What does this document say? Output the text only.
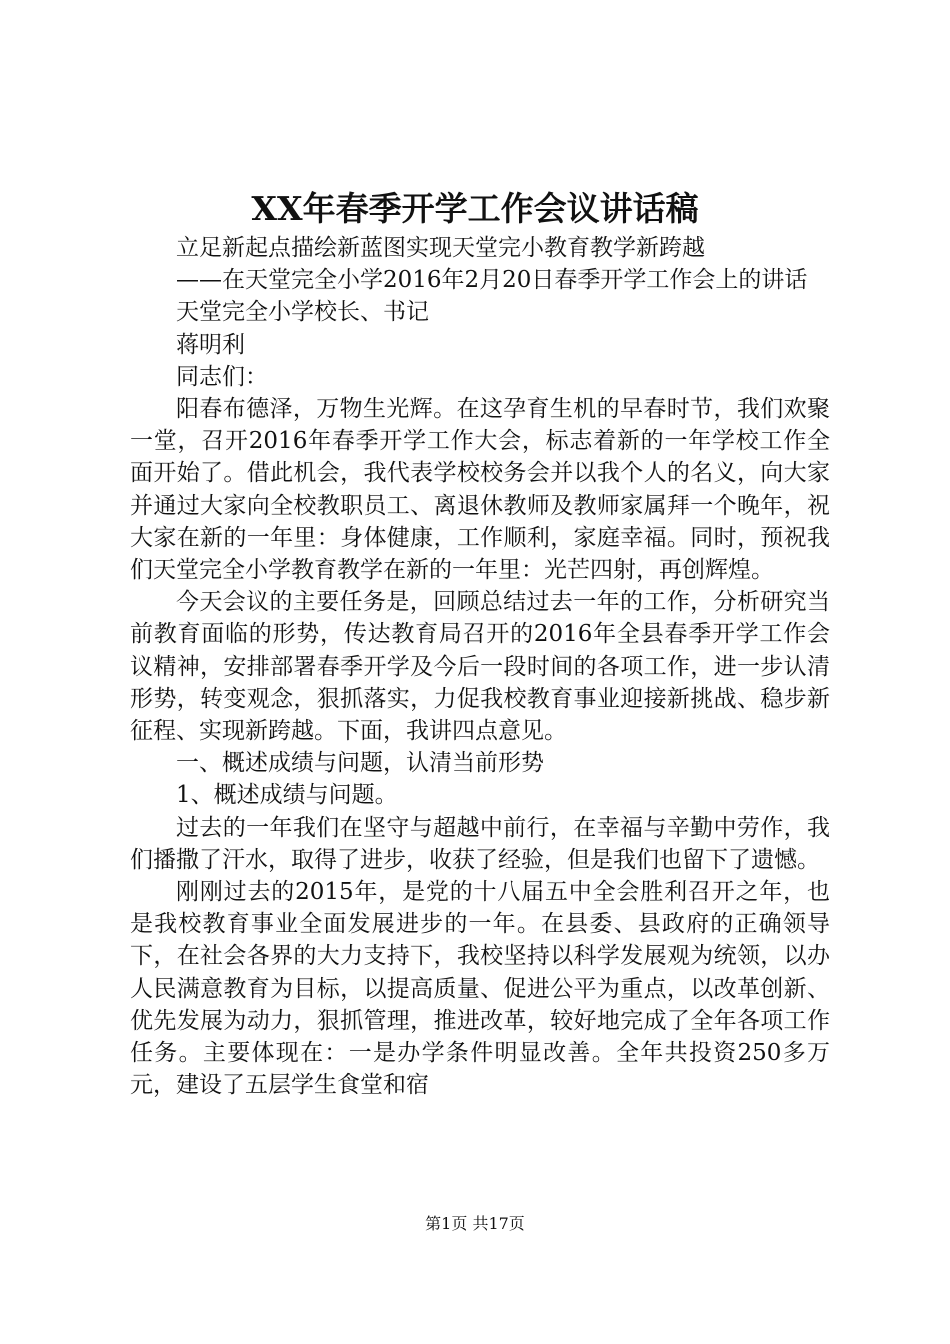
XX年春季开学工作会议讲话稿

立足新起点描绘新蓝图实现天堂完小教育教学新跨越

——在天堂完全小学2016年2月20日春季开学工作会上的讲话

天堂完全小学校长、书记

蒋明利

同志们：

阳春布德泽，万物生光辉。在这孕育生机的早春时节，我们欢聚一堂，召开2016年春季开学工作大会，标志着新的一年学校工作全面开始了。借此机会，我代表学校校务会并以我个人的名义，向大家并通过大家向全校教职员工、离退休教师及教师家属拜一个晚年，祝大家在新的一年里：身体健康，工作顺利，家庭幸福。同时，预祝我们天堂完全小学教育教学在新的一年里：光芒四射，再创辉煌。

今天会议的主要任务是，回顾总结过去一年的工作，分析研究当前教育面临的形势，传达教育局召开的2016年全县春季开学工作会议精神，安排部署春季开学及今后一段时间的各项工作，进一步认清形势，转变观念，狠抓落实，力促我校教育事业迎接新挑战、稳步新征程、实现新跨越。下面，我讲四点意见。

一、概述成绩与问题，认清当前形势

1、概述成绩与问题。

过去的一年我们在坚守与超越中前行，在幸福与辛勤中劳作，我们播撒了汗水，取得了进步，收获了经验，但是我们也留下了遗憾。

刚刚过去的2015年，是党的十八届五中全会胜利召开之年，也是我校教育事业全面发展进步的一年。在县委、县政府的正确领导下，在社会各界的大力支持下，我校坚持以科学发展观为统领，以办人民满意教育为目标，以提高质量、促进公平为重点，以改革创新、优先发展为动力，狠抓管理，推进改革，较好地完成了全年各项工作任务。主要体现在：一是办学条件明显改善。全年共投资250多万元，建设了五层学生食堂和宿

第1页 共17页
